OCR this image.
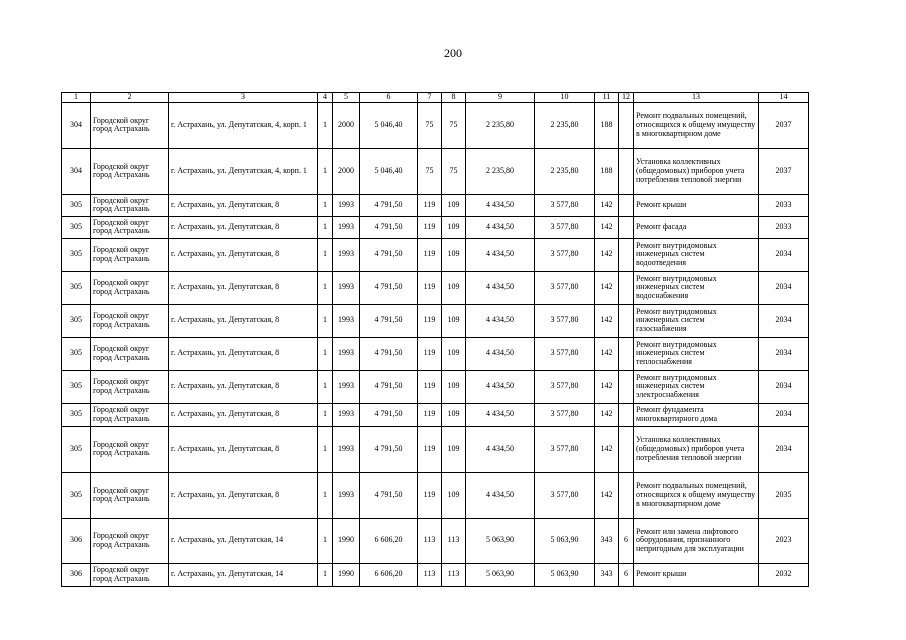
200
1	2	3	4	5	6	7	8	9	10	11	12	13	14
304	Городской округ город Астрахань	г. Астрахань, ул. Депутатская, 4, корп. 1	1	2000	5 046,40	75	75	2 235,80	2 235,80	188		Ремонт подвальных помещений, относящихся к общему имуществу в многоквартирном доме	2037
304	Городской округ город Астрахань	г. Астрахань, ул. Депутатская, 4, корп. 1	1	2000	5 046,40	75	75	2 235,80	2 235,80	188		Установка коллективных (общедомовых) приборов учета потребления тепловой энергии	2037
305	Городской округ город Астрахань	г. Астрахань, ул. Депутатская, 8	1	1993	4 791,50	119	109	4 434,50	3 577,80	142		Ремонт крыши	2033
305	Городской округ город Астрахань	г. Астрахань, ул. Депутатская, 8	1	1993	4 791,50	119	109	4 434,50	3 577,80	142		Ремонт фасада	2033
305	Городской округ город Астрахань	г. Астрахань, ул. Депутатская, 8	1	1993	4 791,50	119	109	4 434,50	3 577,80	142		Ремонт внутридомовых инженерных систем водоотведения	2034
305	Городской округ город Астрахань	г. Астрахань, ул. Депутатская, 8	1	1993	4 791,50	119	109	4 434,50	3 577,80	142		Ремонт внутридомовых инженерных систем водоснабжения	2034
305	Городской округ город Астрахань	г. Астрахань, ул. Депутатская, 8	1	1993	4 791,50	119	109	4 434,50	3 577,80	142		Ремонт внутридомовых инженерных систем газоснабжения	2034
305	Городской округ город Астрахань	г. Астрахань, ул. Депутатская, 8	1	1993	4 791,50	119	109	4 434,50	3 577,80	142		Ремонт внутридомовых инженерных систем теплоснабжения	2034
305	Городской округ город Астрахань	г. Астрахань, ул. Депутатская, 8	1	1993	4 791,50	119	109	4 434,50	3 577,80	142		Ремонт внутридомовых инженерных систем электроснабжения	2034
305	Городской округ город Астрахань	г. Астрахань, ул. Депутатская, 8	1	1993	4 791,50	119	109	4 434,50	3 577,80	142		Ремонт фундамента многоквартирного дома	2034
305	Городской округ город Астрахань	г. Астрахань, ул. Депутатская, 8	1	1993	4 791,50	119	109	4 434,50	3 577,80	142		Установка коллективных (общедомовых) приборов учета потребления тепловой энергии	2034
305	Городской округ город Астрахань	г. Астрахань, ул. Депутатская, 8	1	1993	4 791,50	119	109	4 434,50	3 577,80	142		Ремонт подвальных помещений, относящихся к общему имуществу в многоквартирном доме	2035
306	Городской округ город Астрахань	г. Астрахань, ул. Депутатская, 14	1	1990	6 606,20	113	113	5 063,90	5 063,90	343	6	Ремонт или замена лифтового оборудования, признанного непригодным для эксплуатации	2023
306	Городской округ город Астрахань	г. Астрахань, ул. Депутатская, 14	1	1990	6 606,20	113	113	5 063,90	5 063,90	343	6	Ремонт крыши	2032
